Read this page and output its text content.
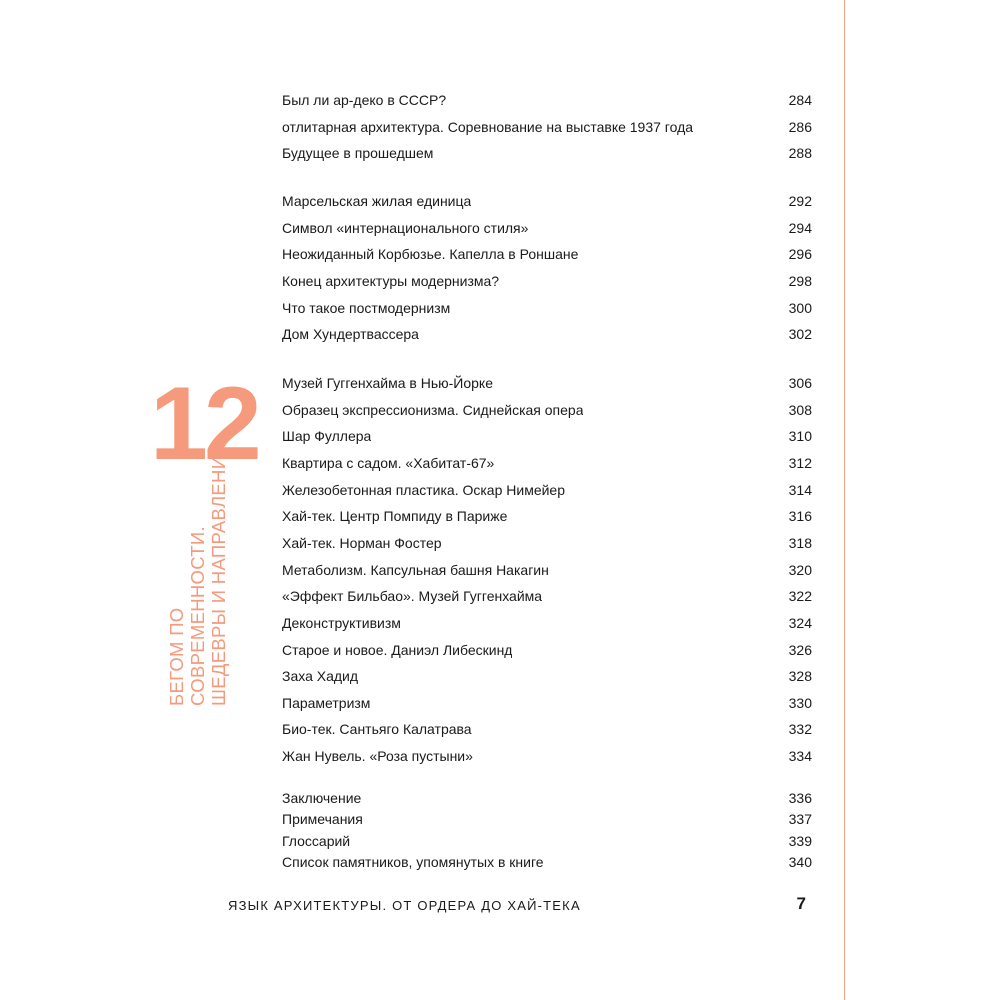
12
БЕГОМ ПО СОВРЕМЕННОСТИ. ШЕДЕВРЫ И НАПРАВЛЕНИЯ
Был ли ар-деко в СССР?	284
отлитарная архитектура. Соревнование на выставке 1937 года	286
Будущее в прошедшем	288
Марсельская жилая единица	292
Символ «интернационального стиля»	294
Неожиданный Корбюзье. Капелла в Роншане	296
Конец архитектуры модернизма?	298
Что такое постмодернизм	300
Дом Хундертвассера	302
Музей Гуггенхайма в Нью-Йорке	306
Образец экспрессионизма. Сиднейская опера	308
Шар Фуллера	310
Квартира с садом. «Хабитат-67»	312
Железобетонная пластика. Оскар Нимейер	314
Хай-тек. Центр Помпиду в Париже	316
Хай-тек. Норман Фостер	318
Метаболизм. Капсульная башня Накагин	320
«Эффект Бильбао». Музей Гуггенхайма	322
Деконструктивизм	324
Старое и новое. Даниэл Либескинд	326
Заха Хадид	328
Параметризм	330
Био-тек. Сантьяго Калатрава	332
Жан Нувель. «Роза пустыни»	334
Заключение	336
Примечания	337
Глоссарий	339
Список памятников, упомянутых в книге	340
ЯЗЫК АРХИТЕКТУРЫ. ОТ ОРДЕРА ДО ХАЙ-ТЕКА	7
